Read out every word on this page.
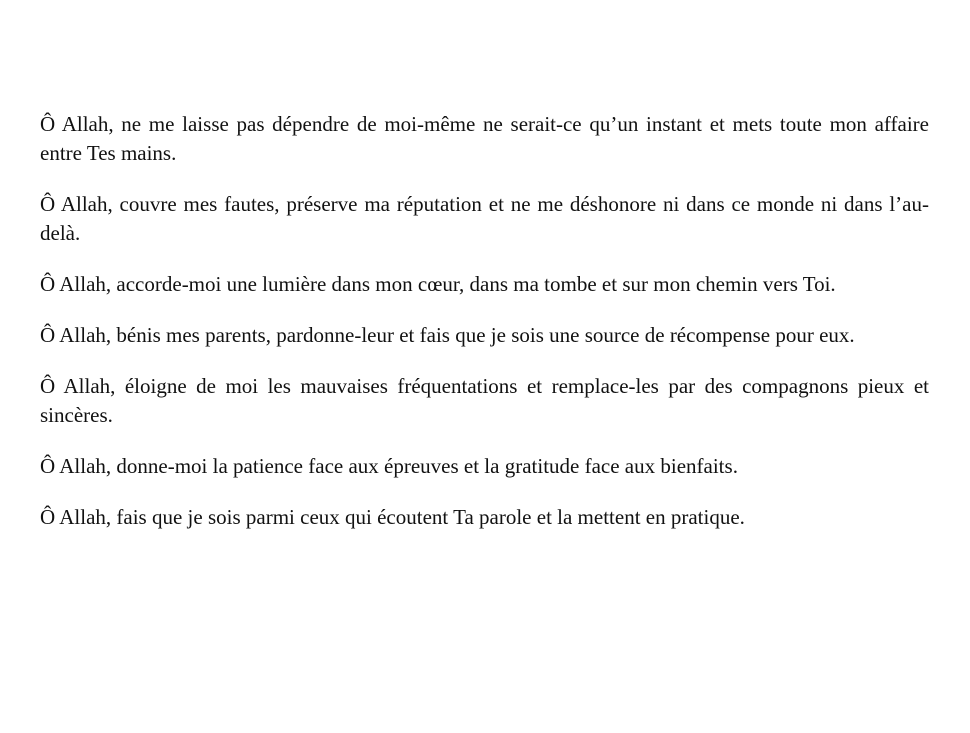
Ô Allah, ne me laisse pas dépendre de moi-même ne serait-ce qu’un instant et mets toute mon affaire entre Tes mains.

Ô Allah, couvre mes fautes, préserve ma réputation et ne me déshonore ni dans ce monde ni dans l’au-delà.

Ô Allah, accorde-moi une lumière dans mon cœur, dans ma tombe et sur mon chemin vers Toi.

Ô Allah, bénis mes parents, pardonne-leur et fais que je sois une source de récompense pour eux.

Ô Allah, éloigne de moi les mauvaises fréquentations et remplace-les par des compagnons pieux et sincères.

Ô Allah, donne-moi la patience face aux épreuves et la gratitude face aux bienfaits.

Ô Allah, fais que je sois parmi ceux qui écoutent Ta parole et la mettent en pratique.
